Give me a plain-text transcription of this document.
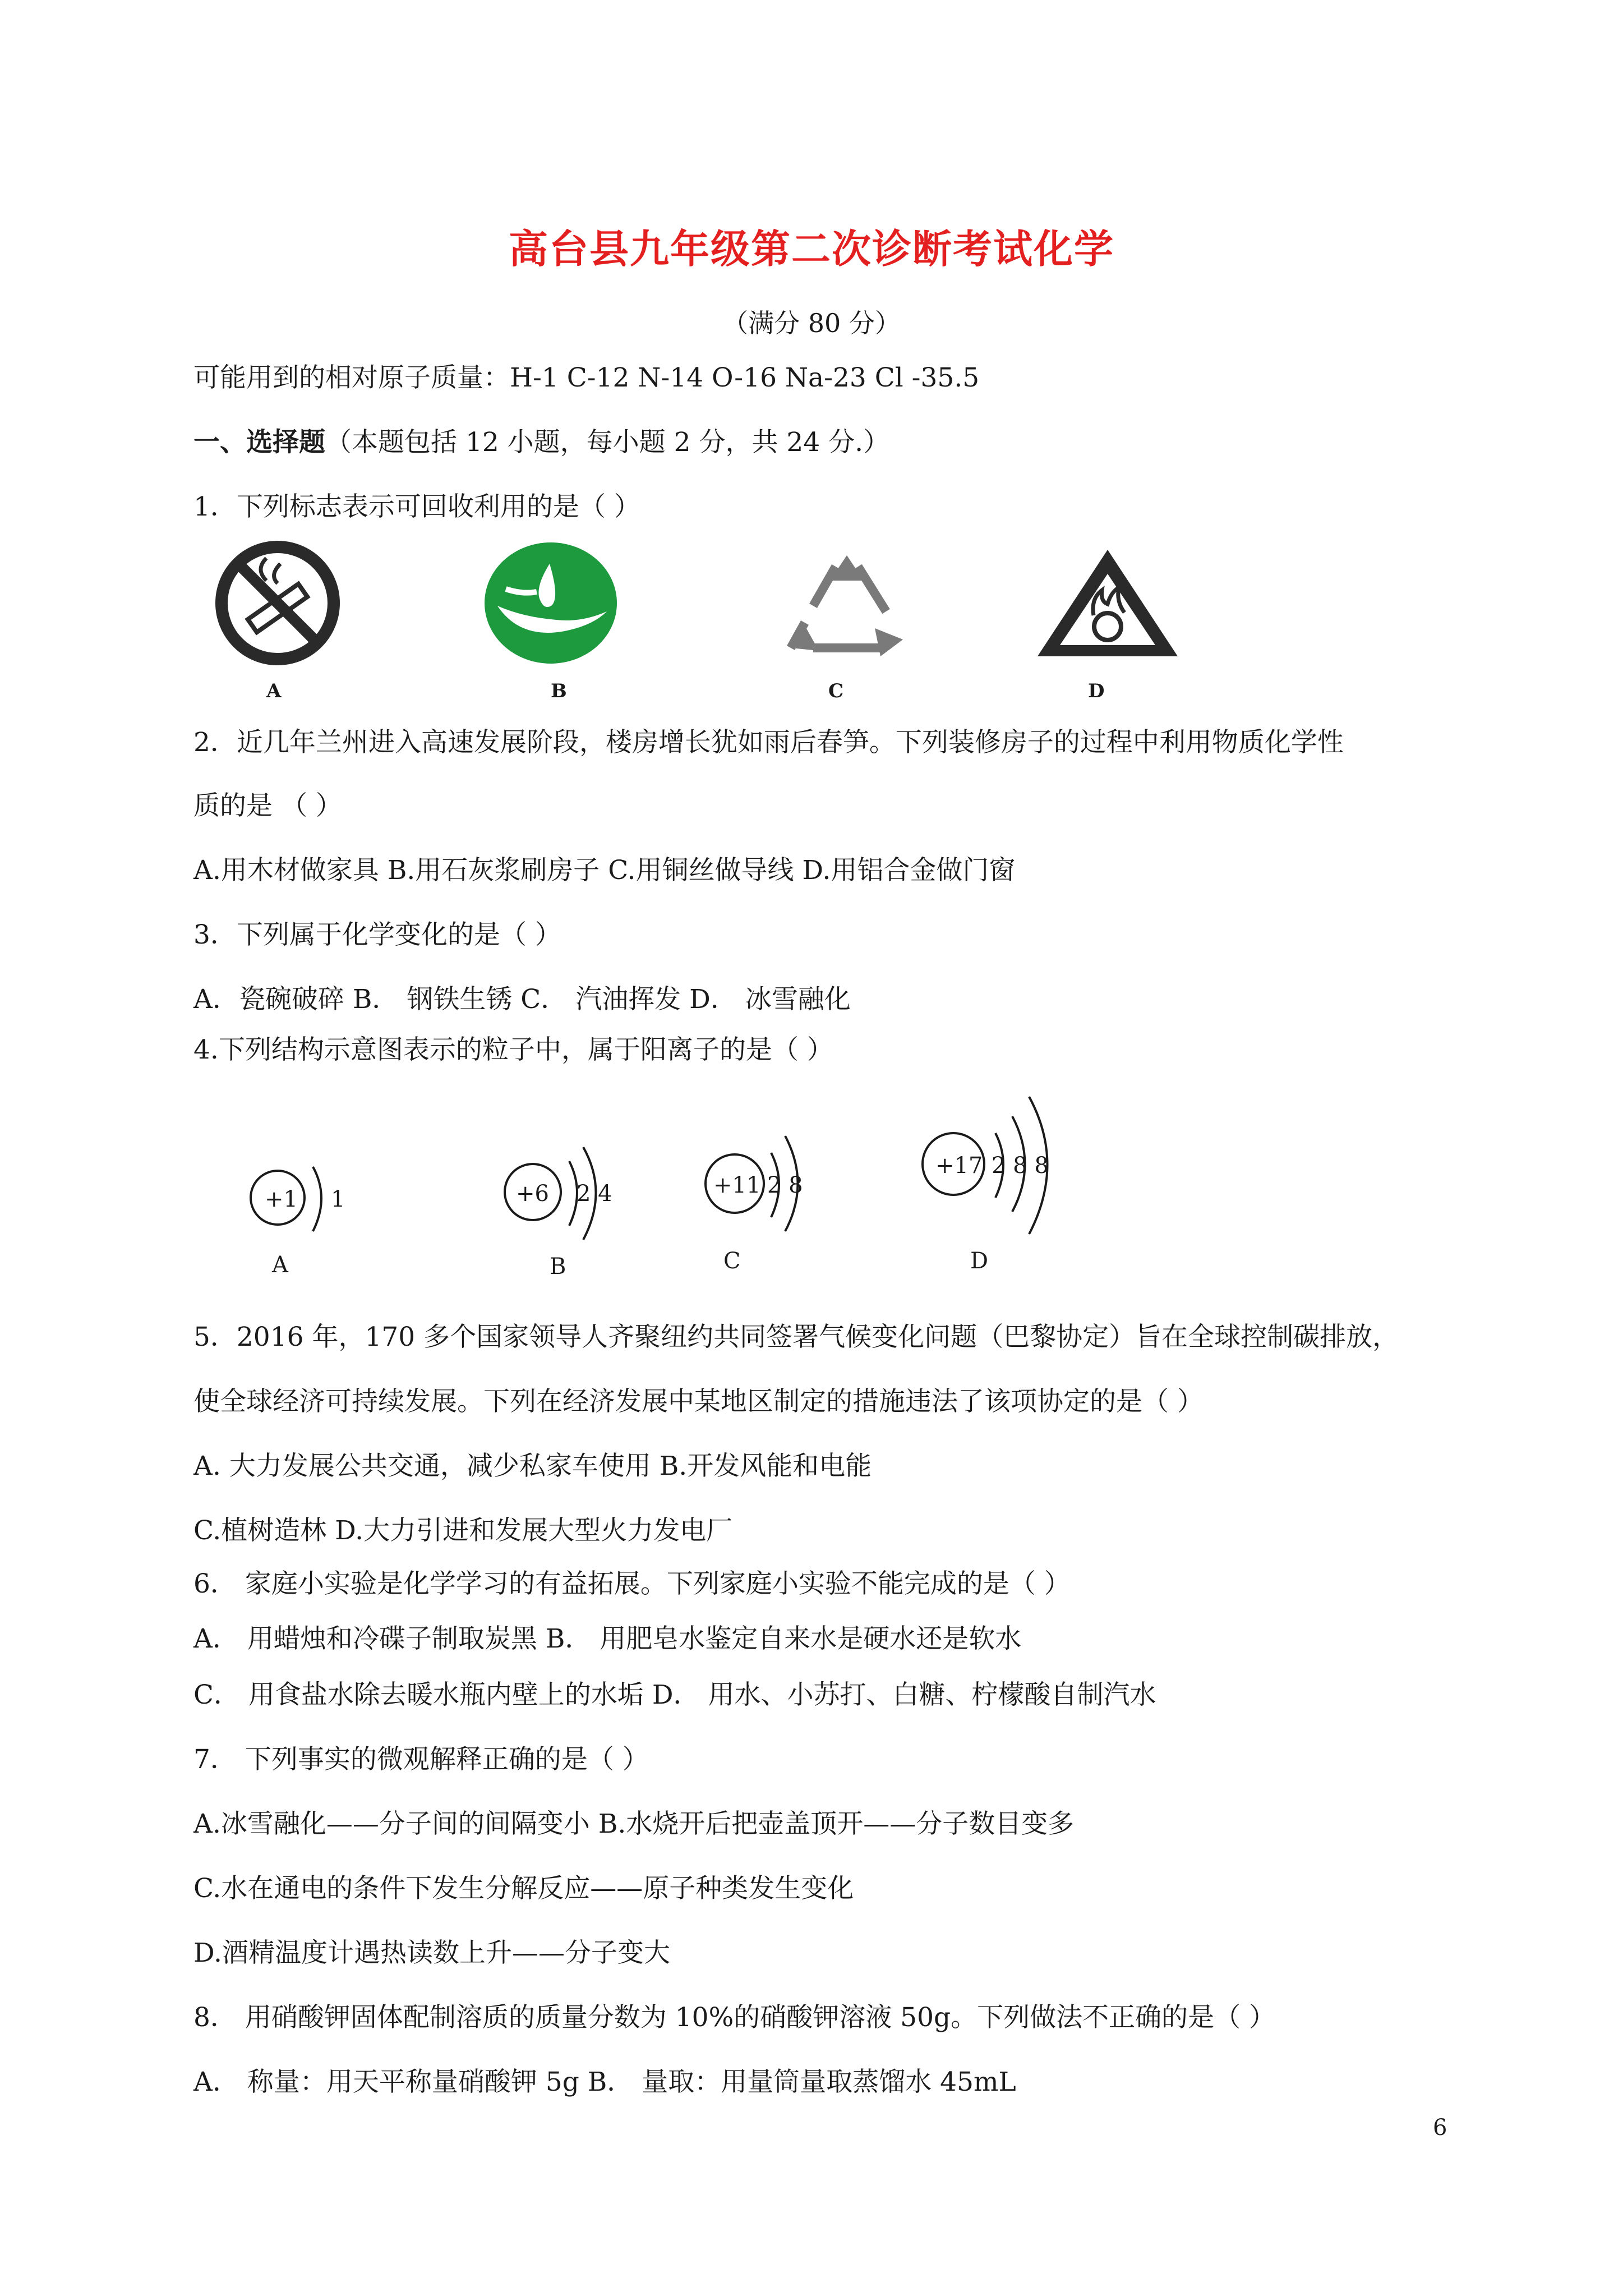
高台县九年级第二次诊断考试化学
（满分 80 分）
可能用到的相对原子质量：H-1 C-12 N-14 O-16 Na-23 Cl -35.5
一、选择题（本题包括 12 小题，每小题 2 分，共 24 分.）
1．下列标志表示可回收利用的是（ ）
A	B	C	D
2．近几年兰州进入高速发展阶段，楼房增长犹如雨后春笋。下列装修房子的过程中利用物质化学性
质的是 （ ）
A.用木材做家具 B.用石灰浆刷房子 C.用铜丝做导线 D.用铝合金做门窗
3．下列属于化学变化的是（ ）
A．瓷碗破碎 B． 钢铁生锈 C． 汽油挥发 D． 冰雪融化
4.下列结构示意图表示的粒子中，属于阳离子的是（ ）
+1 1
A
+6 2 4
B
+11 2 8
C
+17 2 8 8
D
5．2016 年，170 多个国家领导人齐聚纽约共同签署气候变化问题（巴黎协定）旨在全球控制碳排放，
使全球经济可持续发展。下列在经济发展中某地区制定的措施违法了该项协定的是（ ）
A. 大力发展公共交通，减少私家车使用 B.开发风能和电能
C.植树造林 D.大力引进和发展大型火力发电厂
6． 家庭小实验是化学学习的有益拓展。下列家庭小实验不能完成的是（ ）
A． 用蜡烛和冷碟子制取炭黑 B． 用肥皂水鉴定自来水是硬水还是软水
C． 用食盐水除去暖水瓶内壁上的水垢 D． 用水、小苏打、白糖、柠檬酸自制汽水
7． 下列事实的微观解释正确的是（ ）
A.冰雪融化——分子间的间隔变小 B.水烧开后把壶盖顶开——分子数目变多
C.水在通电的条件下发生分解反应——原子种类发生变化
D.酒精温度计遇热读数上升——分子变大
8． 用硝酸钾固体配制溶质的质量分数为 10%的硝酸钾溶液 50g。下列做法不正确的是（ ）
A． 称量：用天平称量硝酸钾 5g B． 量取：用量筒量取蒸馏水 45mL
6
